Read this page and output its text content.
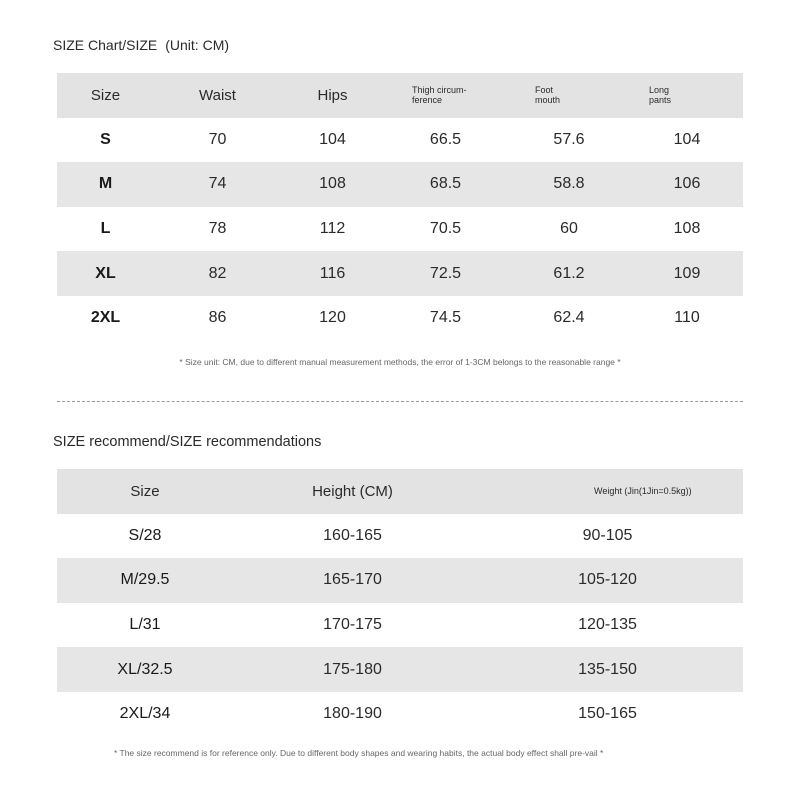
SIZE Chart/SIZE (Unit: CM)
Size	Waist	Hips	Thigh circum-ference	Foot mouth	Long pants
S	70	104	66.5	57.6	104
M	74	108	68.5	58.8	106
L	78	112	70.5	60	108
XL	82	116	72.5	61.2	109
2XL	86	120	74.5	62.4	110
* Size unit: CM, due to different manual measurement methods, the error of 1-3CM belongs to the reasonable range *
SIZE recommend/SIZE recommendations
Size	Height (CM)	Weight (Jin(1Jin=0.5kg))
S/28	160-165	90-105
M/29.5	165-170	105-120
L/31	170-175	120-135
XL/32.5	175-180	135-150
2XL/34	180-190	150-165
* The size recommend is for reference only. Due to different body shapes and wearing habits, the actual body effect shall pre-vail *
